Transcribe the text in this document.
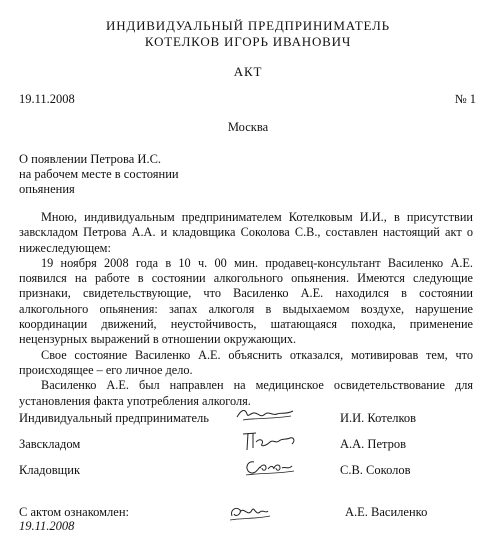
ИНДИВИДУАЛЬНЫЙ ПРЕДПРИНИМАТЕЛЬ
КОТЕЛКОВ ИГОРЬ ИВАНОВИЧ
АКТ
19.11.2008	№ 1
Москва
О появлении Петрова И.С.
на рабочем месте в состоянии
опьянения

Мною, индивидуальным предпринимателем Котелковым И.И., в присутствии завскладом Петрова А.А. и кладовщика Соколова С.В., составлен настоящий акт о нижеследующем:

19 ноября 2008 года в 10 ч. 00 мин. продавец-консультант Василенко А.Е. появился на работе в состоянии алкогольного опьянения. Имеются следующие признаки, свидетельствующие, что Василенко А.Е. находился в состоянии алкогольного опьянения: запах алкоголя в выдыхаемом воздухе, нарушение координации движений, неустойчивость, шатающаяся походка, применение нецензурных выражений в отношении окружающих.

Свое состояние Василенко А.Е. объяснить отказался, мотивировав тем, что происходящее – его личное дело.

Василенко А.Е. был направлен на медицинское освидетельствование для установления факта употребления алкоголя.

Индивидуальный предприниматель	И.И. Котелков
Завскладом	А.А. Петров
Кладовщик	С.В. Соколов
С актом ознакомлен:
19.11.2008
А.Е. Василенко
